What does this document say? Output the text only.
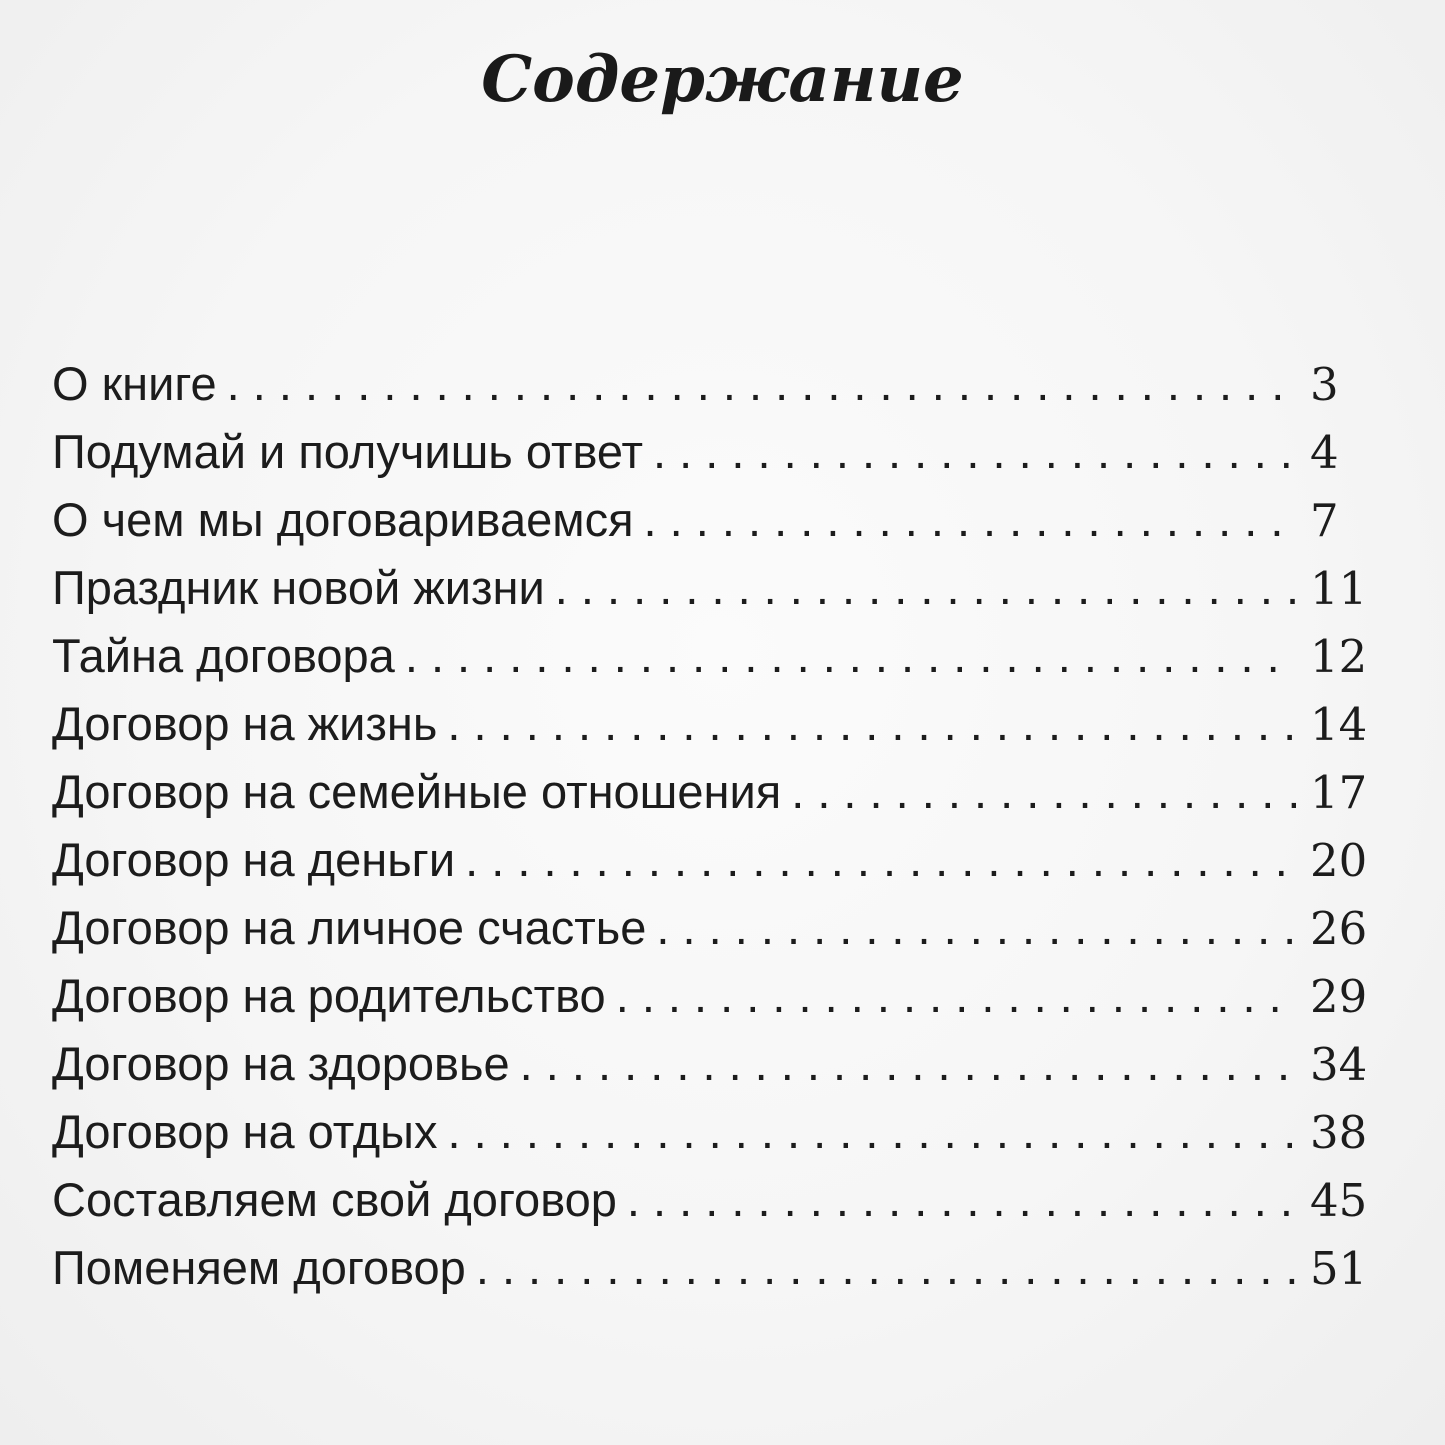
Содержание
О книге . . .	3
Подумай и получишь ответ . . .	4
О чем мы договариваемся . . .	7
Праздник новой жизни . . .	11
Тайна договора . . .	12
Договор на жизнь . . .	14
Договор на семейные отношения . . .	17
Договор на деньги . . .	20
Договор на личное счастье . . .	26
Договор на родительство . . .	29
Договор на здоровье . . .	34
Договор на отдых . . .	38
Составляем свой договор . . .	45
Поменяем договор . . .	51
